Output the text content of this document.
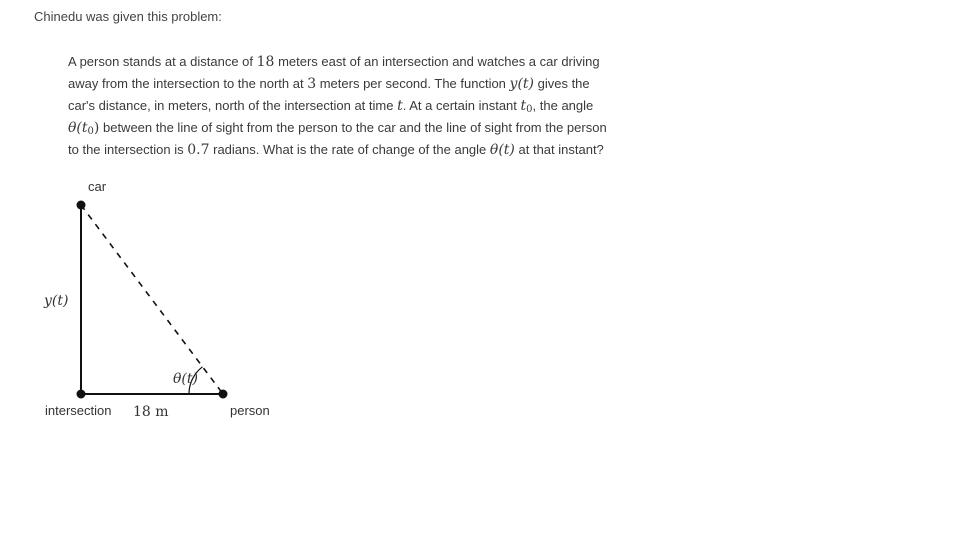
Chinedu was given this problem:
A person stands at a distance of 18 meters east of an intersection and watches a car driving
away from the intersection to the north at 3 meters per second. The function y(t) gives the
car's distance, in meters, north of the intersection at time t. At a certain instant $t_0$, the angle
$\theta(t_0)$ between the line of sight from the person to the car and the line of sight from the person
to the intersection is 0.7 radians. What is the rate of change of the angle θ(t) at that instant?
car
y(t)
θ(t)
intersection 18 m	person
